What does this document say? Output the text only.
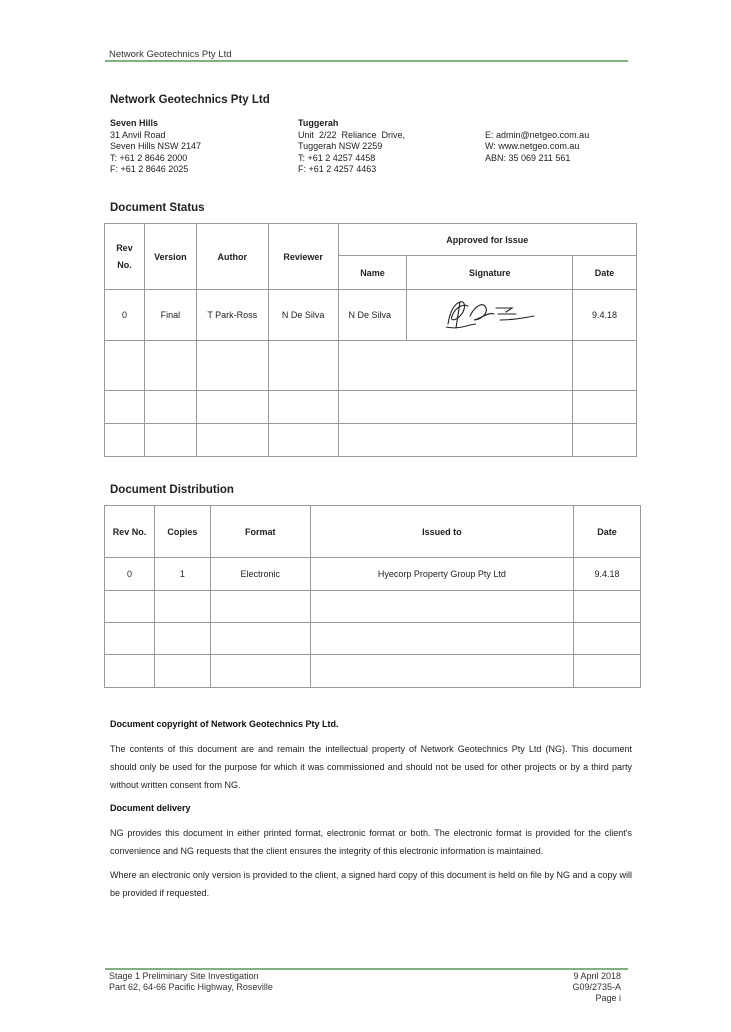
Network Geotechnics Pty Ltd
Network Geotechnics Pty Ltd
Seven Hills
31 Anvil Road
Seven Hills NSW 2147
T: +61 2 8646 2000
F: +61 2 8646 2025
Tuggerah
Unit  2/22  Reliance  Drive,
Tuggerah NSW 2259
T: +61 2 4257 4458
F: +61 2 4257 4463
E: admin@netgeo.com.au
W: www.netgeo.com.au
ABN: 35 069 211 561
Document Status
Rev
No.	Version	Author	Reviewer	Approved for Issue		
				Name	Signature	Date
0	Final	T Park-Ross	N De Silva	N De Silva		9.4.18

Document Distribution
Rev No.	Copies	Format	Issued to	Date
0	1	Electronic	Hyecorp Property Group Pty Ltd	9.4.18

Document copyright of Network Geotechnics Pty Ltd.
The contents of this document are and remain the intellectual property of Network Geotechnics Pty Ltd (NG). This document should only be used for the purpose for which it was commissioned and should not be used for other projects or by a third party without written consent from NG.
Document delivery
NG provides this document in either printed format, electronic format or both. The electronic format is provided for the client's convenience and NG requests that the client ensures the integrity of this electronic information is maintained.
Where an electronic only version is provided to the client, a signed hard copy of this document is held on file by NG and a copy will be provided if requested.
Stage 1 Preliminary Site Investigation
Part 62, 64-66 Pacific Highway, Roseville
9 April 2018
G09/2735-A
Page i
